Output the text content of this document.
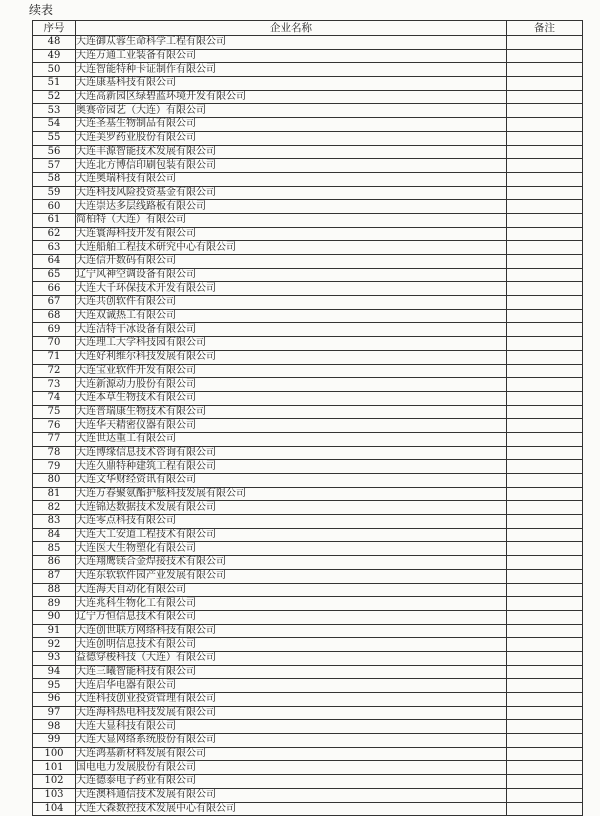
续表
序号	企业名称	备注
48	大连御苁蓉生命科学工程有限公司	
49	大连万通工业装备有限公司	
50	大连智能特种卡证制作有限公司	
51	大连康基科技有限公司	
52	大连高新园区绿碧蓝环境开发有限公司	
53	奥赛帝园艺（大连）有限公司	
54	大连圣基生物制品有限公司	
55	大连美罗药业股份有限公司	
56	大连丰源智能技术发展有限公司	
57	大连北方博信印刷包装有限公司	
58	大连奥瑞科技有限公司	
59	大连科技风险投资基金有限公司	
60	大连崇达多层线路板有限公司	
61	简柏特（大连）有限公司	
62	大连寰海科技开发有限公司	
63	大连船舶工程技术研究中心有限公司	
64	大连信开数码有限公司	
65	辽宁风神空调设备有限公司	
66	大连大千环保技术开发有限公司	
67	大连共创软件有限公司	
68	大连双诚热工有限公司	
69	大连洁特干冰设备有限公司	
70	大连理工大学科技园有限公司	
71	大连好利维尔科技发展有限公司	
72	大连宝业软件开发有限公司	
73	大连新源动力股份有限公司	
74	大连本草生物技术有限公司	
75	大连普瑞康生物技术有限公司	
76	大连华天精密仪器有限公司	
77	大连世达重工有限公司	
78	大连博缘信息技术咨询有限公司	
79	大连久鼎特种建筑工程有限公司	
80	大连文华财经资讯有限公司	
81	大连万春聚氨酯护舷科技发展有限公司	
82	大连锦达数据技术发展有限公司	
83	大连零点科技有限公司	
84	大连大工安道工程技术有限公司	
85	大连医大生物塑化有限公司	
86	大连翔鹰镁合金焊接技术有限公司	
87	大连东软软件园产业发展有限公司	
88	大连海天自动化有限公司	
89	大连兆科生物化工有限公司	
90	辽宁万恒信息技术有限公司	
91	大连创世联方网络科技有限公司	
92	大连创明信息技术有限公司	
93	益德穿梭科技（大连）有限公司	
94	大连三曦智能科技有限公司	
95	大连启华电器有限公司	
96	大连科技创业投资管理有限公司	
97	大连海科热电科技发展有限公司	
98	大连大显科技有限公司	
99	大连大显网络系统股份有限公司	
100	大连鸿基新材料发展有限公司	
101	国电电力发展股份有限公司	
102	大连德泰电子药业有限公司	
103	大连澳科通信技术发展有限公司	
104	大连大森数控技术发展中心有限公司	
